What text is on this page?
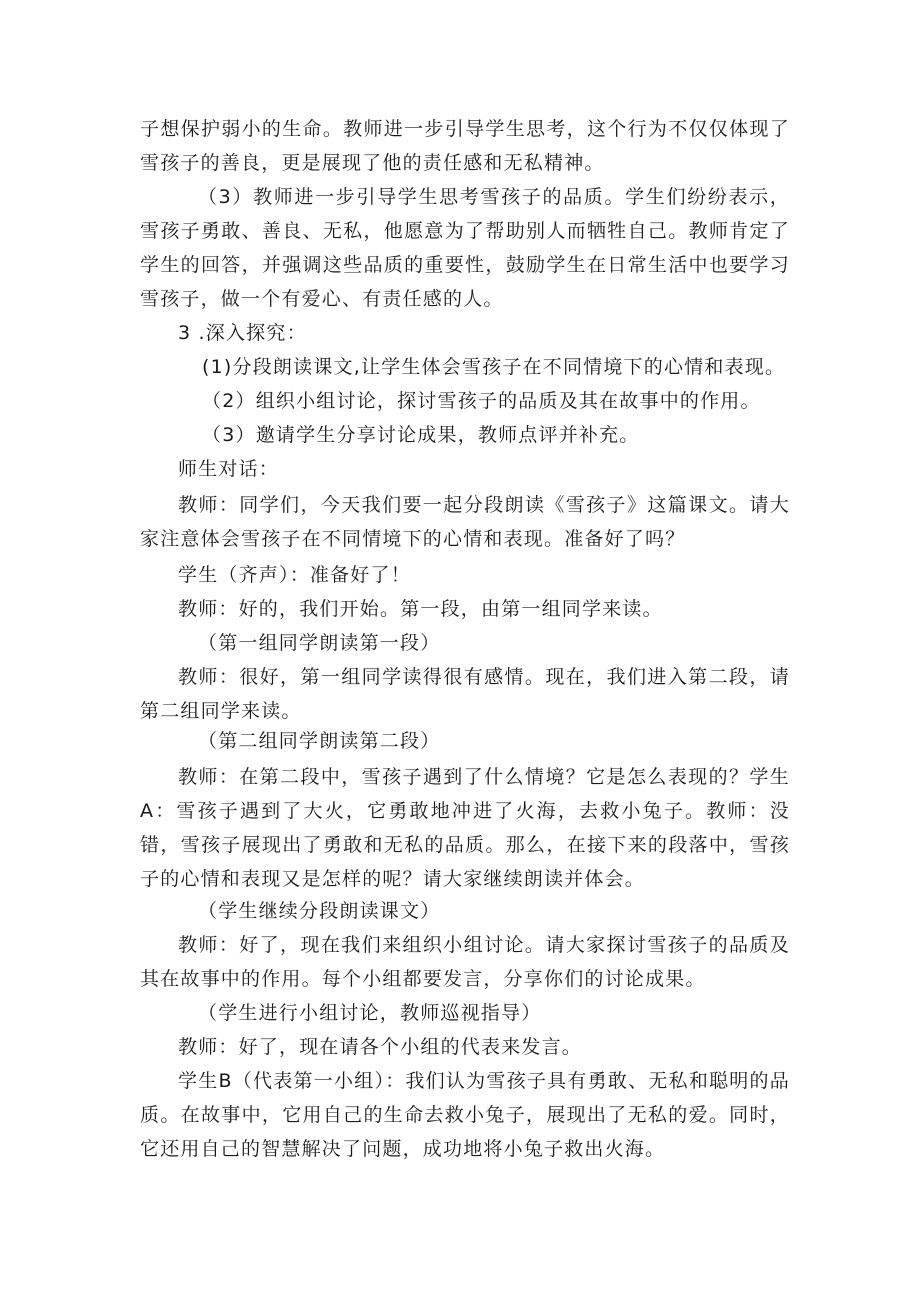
子想保护弱小的生命。教师进一步引导学生思考，这个行为不仅仅体现了雪孩子的善良，更是展现了他的责任感和无私精神。

（3）教师进一步引导学生思考雪孩子的品质。学生们纷纷表示，雪孩子勇敢、善良、无私，他愿意为了帮助别人而牺牲自己。教师肯定了学生的回答，并强调这些品质的重要性，鼓励学生在日常生活中也要学习雪孩子，做一个有爱心、有责任感的人。

3 .深入探究：

(1)分段朗读课文,让学生体会雪孩子在不同情境下的心情和表现。

（2）组织小组讨论，探讨雪孩子的品质及其在故事中的作用。

（3）邀请学生分享讨论成果，教师点评并补充。

师生对话：

教师：同学们，今天我们要一起分段朗读《雪孩子》这篇课文。请大家注意体会雪孩子在不同情境下的心情和表现。准备好了吗？

学生（齐声）：准备好了！

教师：好的，我们开始。第一段，由第一组同学来读。

（第一组同学朗读第一段）

教师：很好，第一组同学读得很有感情。现在，我们进入第二段，请第二组同学来读。

（第二组同学朗读第二段）

教师：在第二段中，雪孩子遇到了什么情境？它是怎么表现的？学生A：雪孩子遇到了大火，它勇敢地冲进了火海，去救小兔子。教师：没错，雪孩子展现出了勇敢和无私的品质。那么，在接下来的段落中，雪孩子的心情和表现又是怎样的呢？请大家继续朗读并体会。

（学生继续分段朗读课文）

教师：好了，现在我们来组织小组讨论。请大家探讨雪孩子的品质及其在故事中的作用。每个小组都要发言，分享你们的讨论成果。

（学生进行小组讨论，教师巡视指导）

教师：好了，现在请各个小组的代表来发言。

学生B（代表第一小组）：我们认为雪孩子具有勇敢、无私和聪明的品质。在故事中，它用自己的生命去救小兔子，展现出了无私的爱。同时，它还用自己的智慧解决了问题，成功地将小兔子救出火海。
